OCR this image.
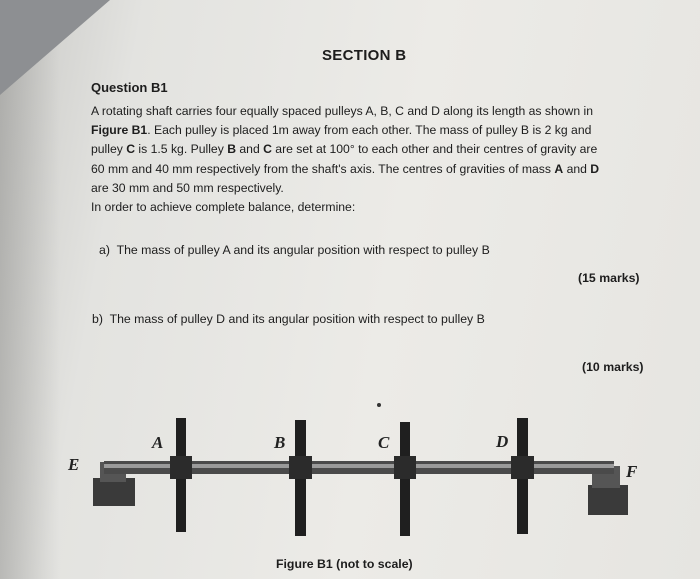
SECTION B
Question B1
A rotating shaft carries four equally spaced pulleys A, B, C and D along its length as shown in
Figure B1. Each pulley is placed 1m away from each other. The mass of pulley B is 2 kg and
pulley C is 1.5 kg. Pulley B and C are set at 100° to each other and their centres of gravity are
60 mm and 40 mm respectively from the shaft's axis. The centres of gravities of mass A and D
are 30 mm and 50 mm respectively.
In order to achieve complete balance, determine:
a) The mass of pulley A and its angular position with respect to pulley B
(15 marks)
b) The mass of pulley D and its angular position with respect to pulley B
(10 marks)
A	B	C	D
E	F
Figure B1 (not to scale)
